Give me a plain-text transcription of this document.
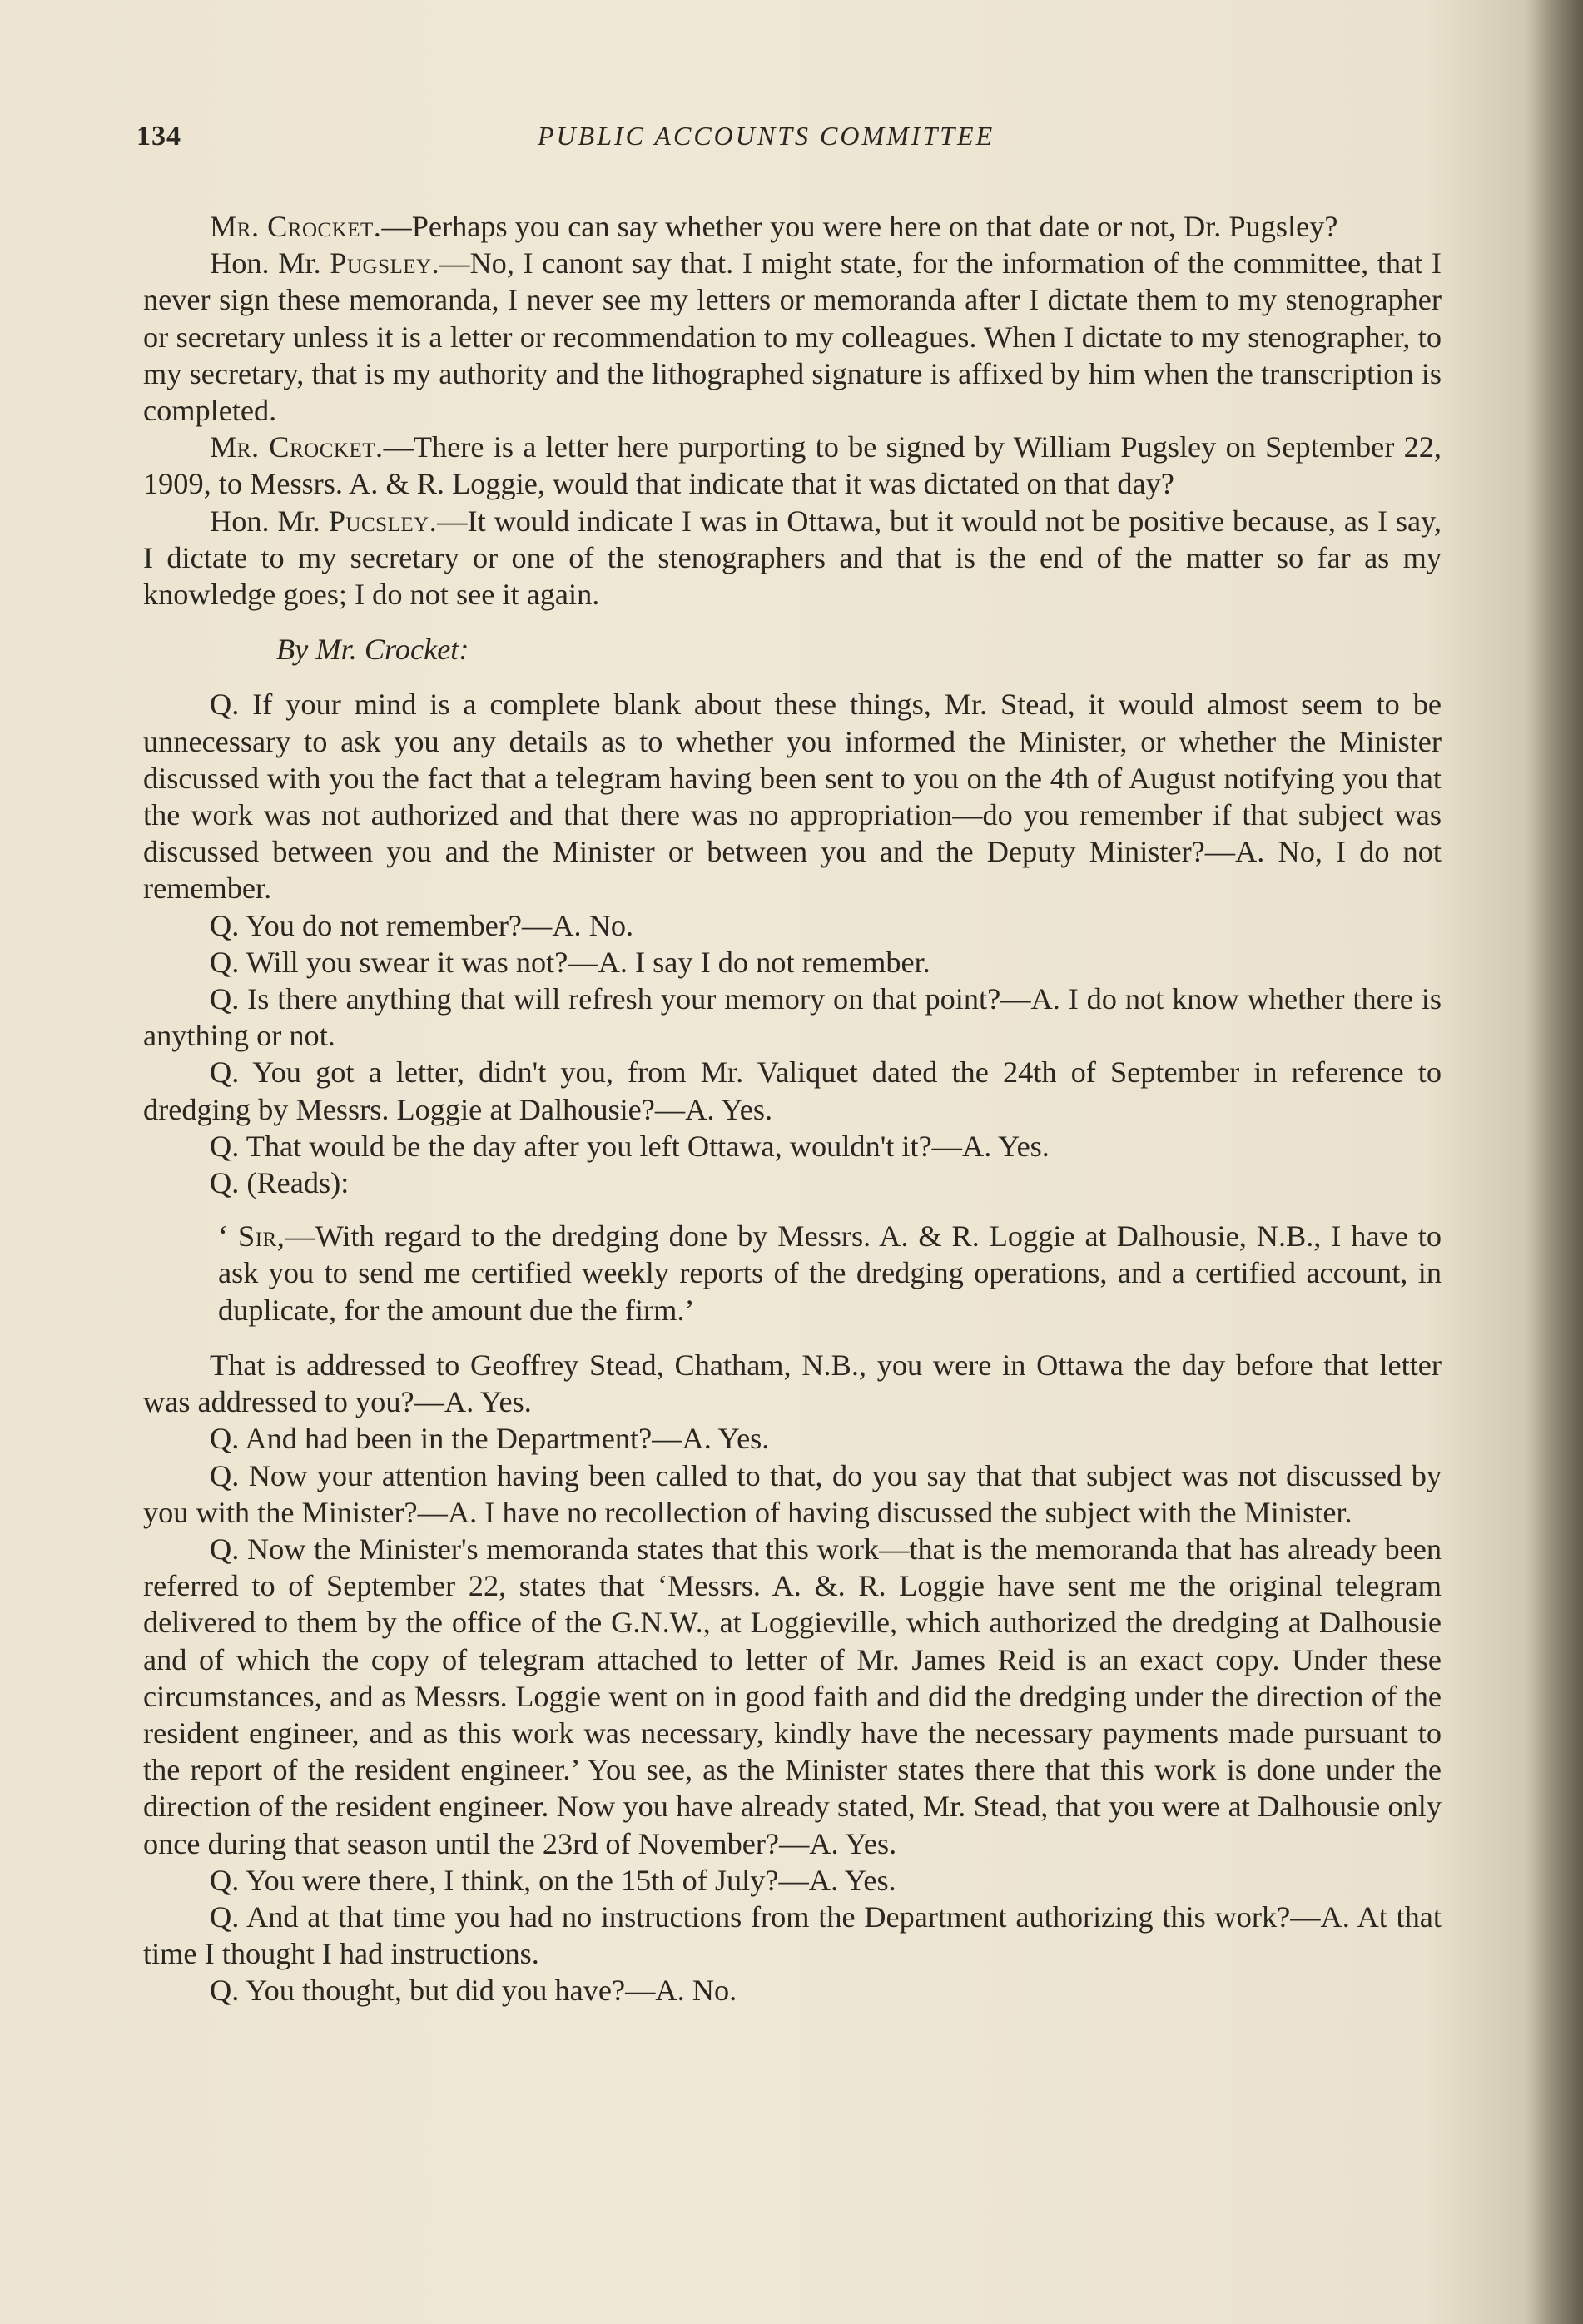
134	PUBLIC ACCOUNTS COMMITTEE

Mr. Crocket.—Perhaps you can say whether you were here on that date or not, Dr. Pugsley?

Hon. Mr. Pugsley.—No, I canont say that. I might state, for the information of the committee, that I never sign these memoranda, I never see my letters or memoranda after I dictate them to my stenographer or secretary unless it is a letter or recommendation to my colleagues. When I dictate to my stenographer, to my secretary, that is my authority and the lithographed signature is affixed by him when the transcription is completed.

Mr. Crocket.—There is a letter here purporting to be signed by William Pugsley on September 22, 1909, to Messrs. A. & R. Loggie, would that indicate that it was dictated on that day?

Hon. Mr. Pucsley.—It would indicate I was in Ottawa, but it would not be positive because, as I say, I dictate to my secretary or one of the stenographers and that is the end of the matter so far as my knowledge goes; I do not see it again.

By Mr. Crocket:

Q. If your mind is a complete blank about these things, Mr. Stead, it would almost seem to be unnecessary to ask you any details as to whether you informed the Minister, or whether the Minister discussed with you the fact that a telegram having been sent to you on the 4th of August notifying you that the work was not authorized and that there was no appropriation—do you remember if that subject was discussed between you and the Minister or between you and the Deputy Minister?—A. No, I do not remember.

Q. You do not remember?—A. No.

Q. Will you swear it was not?—A. I say I do not remember.

Q. Is there anything that will refresh your memory on that point?—A. I do not know whether there is anything or not.

Q. You got a letter, didn't you, from Mr. Valiquet dated the 24th of September in reference to dredging by Messrs. Loggie at Dalhousie?—A. Yes.

Q. That would be the day after you left Ottawa, wouldn't it?—A. Yes.

Q. (Reads):

‘ Sir,—With regard to the dredging done by Messrs. A. & R. Loggie at Dalhousie, N.B., I have to ask you to send me certified weekly reports of the dredging operations, and a certified account, in duplicate, for the amount due the firm.’

That is addressed to Geoffrey Stead, Chatham, N.B., you were in Ottawa the day before that letter was addressed to you?—A. Yes.

Q. And had been in the Department?—A. Yes.

Q. Now your attention having been called to that, do you say that that subject was not discussed by you with the Minister?—A. I have no recollection of having discussed the subject with the Minister.

Q. Now the Minister's memoranda states that this work—that is the memoranda that has already been referred to of September 22, states that ‘Messrs. A. &. R. Loggie have sent me the original telegram delivered to them by the office of the G.N.W., at Loggieville, which authorized the dredging at Dalhousie and of which the copy of telegram attached to letter of Mr. James Reid is an exact copy. Under these circumstances, and as Messrs. Loggie went on in good faith and did the dredging under the direction of the resident engineer, and as this work was necessary, kindly have the necessary payments made pursuant to the report of the resident engineer.’ You see, as the Minister states there that this work is done under the direction of the resident engineer. Now you have already stated, Mr. Stead, that you were at Dalhousie only once during that season until the 23rd of November?—A. Yes.

Q. You were there, I think, on the 15th of July?—A. Yes.

Q. And at that time you had no instructions from the Department authorizing this work?—A. At that time I thought I had instructions.

Q. You thought, but did you have?—A. No.
